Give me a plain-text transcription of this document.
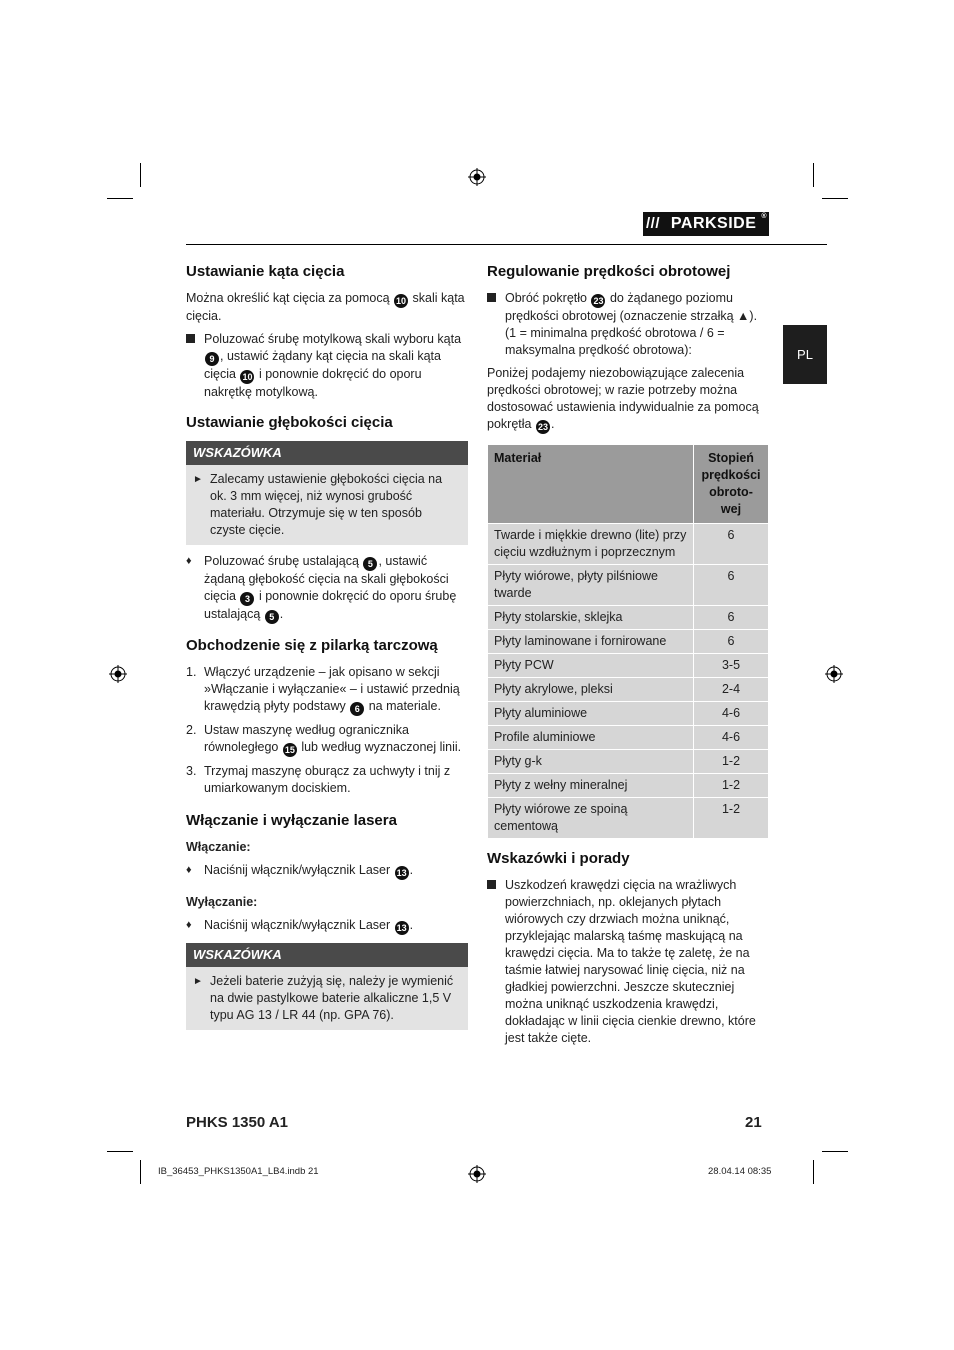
/// PARKSIDE ®
PL
Ustawianie kąta cięcia

Można określić kąt cięcia za pomocą 10 skali kąta cięcia.

Poluzować śrubę motylkową skali wyboru kąta 9 , ustawić żądany kąt cięcia na skali kąta cięcia 10 i ponownie dokręcić do oporu nakrętkę motylkową.
Ustawianie głębokości cięcia
WSKAZÓWKA
► Zalecamy ustawienie głębokości cięcia na ok. 3 mm więcej, niż wynosi grubość materiału. Otrzymuje się w ten sposób czyste cięcie.
♦ Poluzować śrubę ustalającą 5 , ustawić żądaną głębokość cięcia na skali głębokości cięcia 3 i ponownie dokręcić do oporu śrubę ustalającą 5 .
Obchodzenie się z pilarką tarczową
1. Włączyć urządzenie – jak opisano w sekcji »Włączanie i wyłączanie« – i ustawić przednią krawędzią płyty podstawy 6 na materiale.
2. Ustaw maszynę według ogranicznika równoległego 15 lub według wyznaczonej linii.
3. Trzymaj maszynę oburącz za uchwyty i tnij z umiarkowanym dociskiem.
Włączanie i wyłączanie lasera
Włączanie:
♦ Naciśnij włącznik/wyłącznik Laser 13 .
Wyłączanie:
♦ Naciśnij włącznik/wyłącznik Laser 13 .
WSKAZÓWKA
► Jeżeli baterie zużyją się, należy je wymienić na dwie pastylkowe baterie alkaliczne 1,5 V typu AG 13 / LR 44 (np. GPA 76).
Regulowanie prędkości obrotowej
Obróć pokrętło 23 do żądanego poziomu prędkości obrotowej (oznaczenie strzałką ▲). (1 = minimalna prędkość obrotowa / 6 = maksymalna prędkość obrotowa):

Poniżej podajemy niezobowiązujące zalecenia prędkości obrotowej; w razie potrzeby można dostosować ustawienia indywidualnie za pomocą pokrętła 23 .

Materiał	Stopień prędkości obroto-wej
Twarde i miękkie drewno (lite) przy cięciu wzdłużnym i poprzecznym	6
Płyty wiórowe, płyty pilśniowe twarde	6
Płyty stolarskie, sklejka	6
Płyty laminowane i fornirowane	6
Płyty PCW	3-5
Płyty akrylowe, pleksi	2-4
Płyty aluminiowe	4-6
Profile aluminiowe	4-6
Płyty g-k	1-2
Płyty z wełny mineralnej	1-2
Płyty wiórowe ze spoiną cementową	1-2
Wskazówki i porady
Uszkodzeń krawędzi cięcia na wrażliwych powierzchniach, np. oklejanych płytach wiórowych czy drzwiach można uniknąć, przyklejając malarską taśmę maskującą na krawędzi cięcia. Ma to także tę zaletę, że na taśmie łatwiej narysować linię cięcia, niż na gładkiej powierzchni. Jeszcze skuteczniej można uniknąć uszkodzenia krawędzi, dokładając w linii cięcia cienkie drewno, które jest także cięte.
PHKS 1350 A1	21
IB_36453_PHKS1350A1_LB4.indb 21	28.04.14 08:35
